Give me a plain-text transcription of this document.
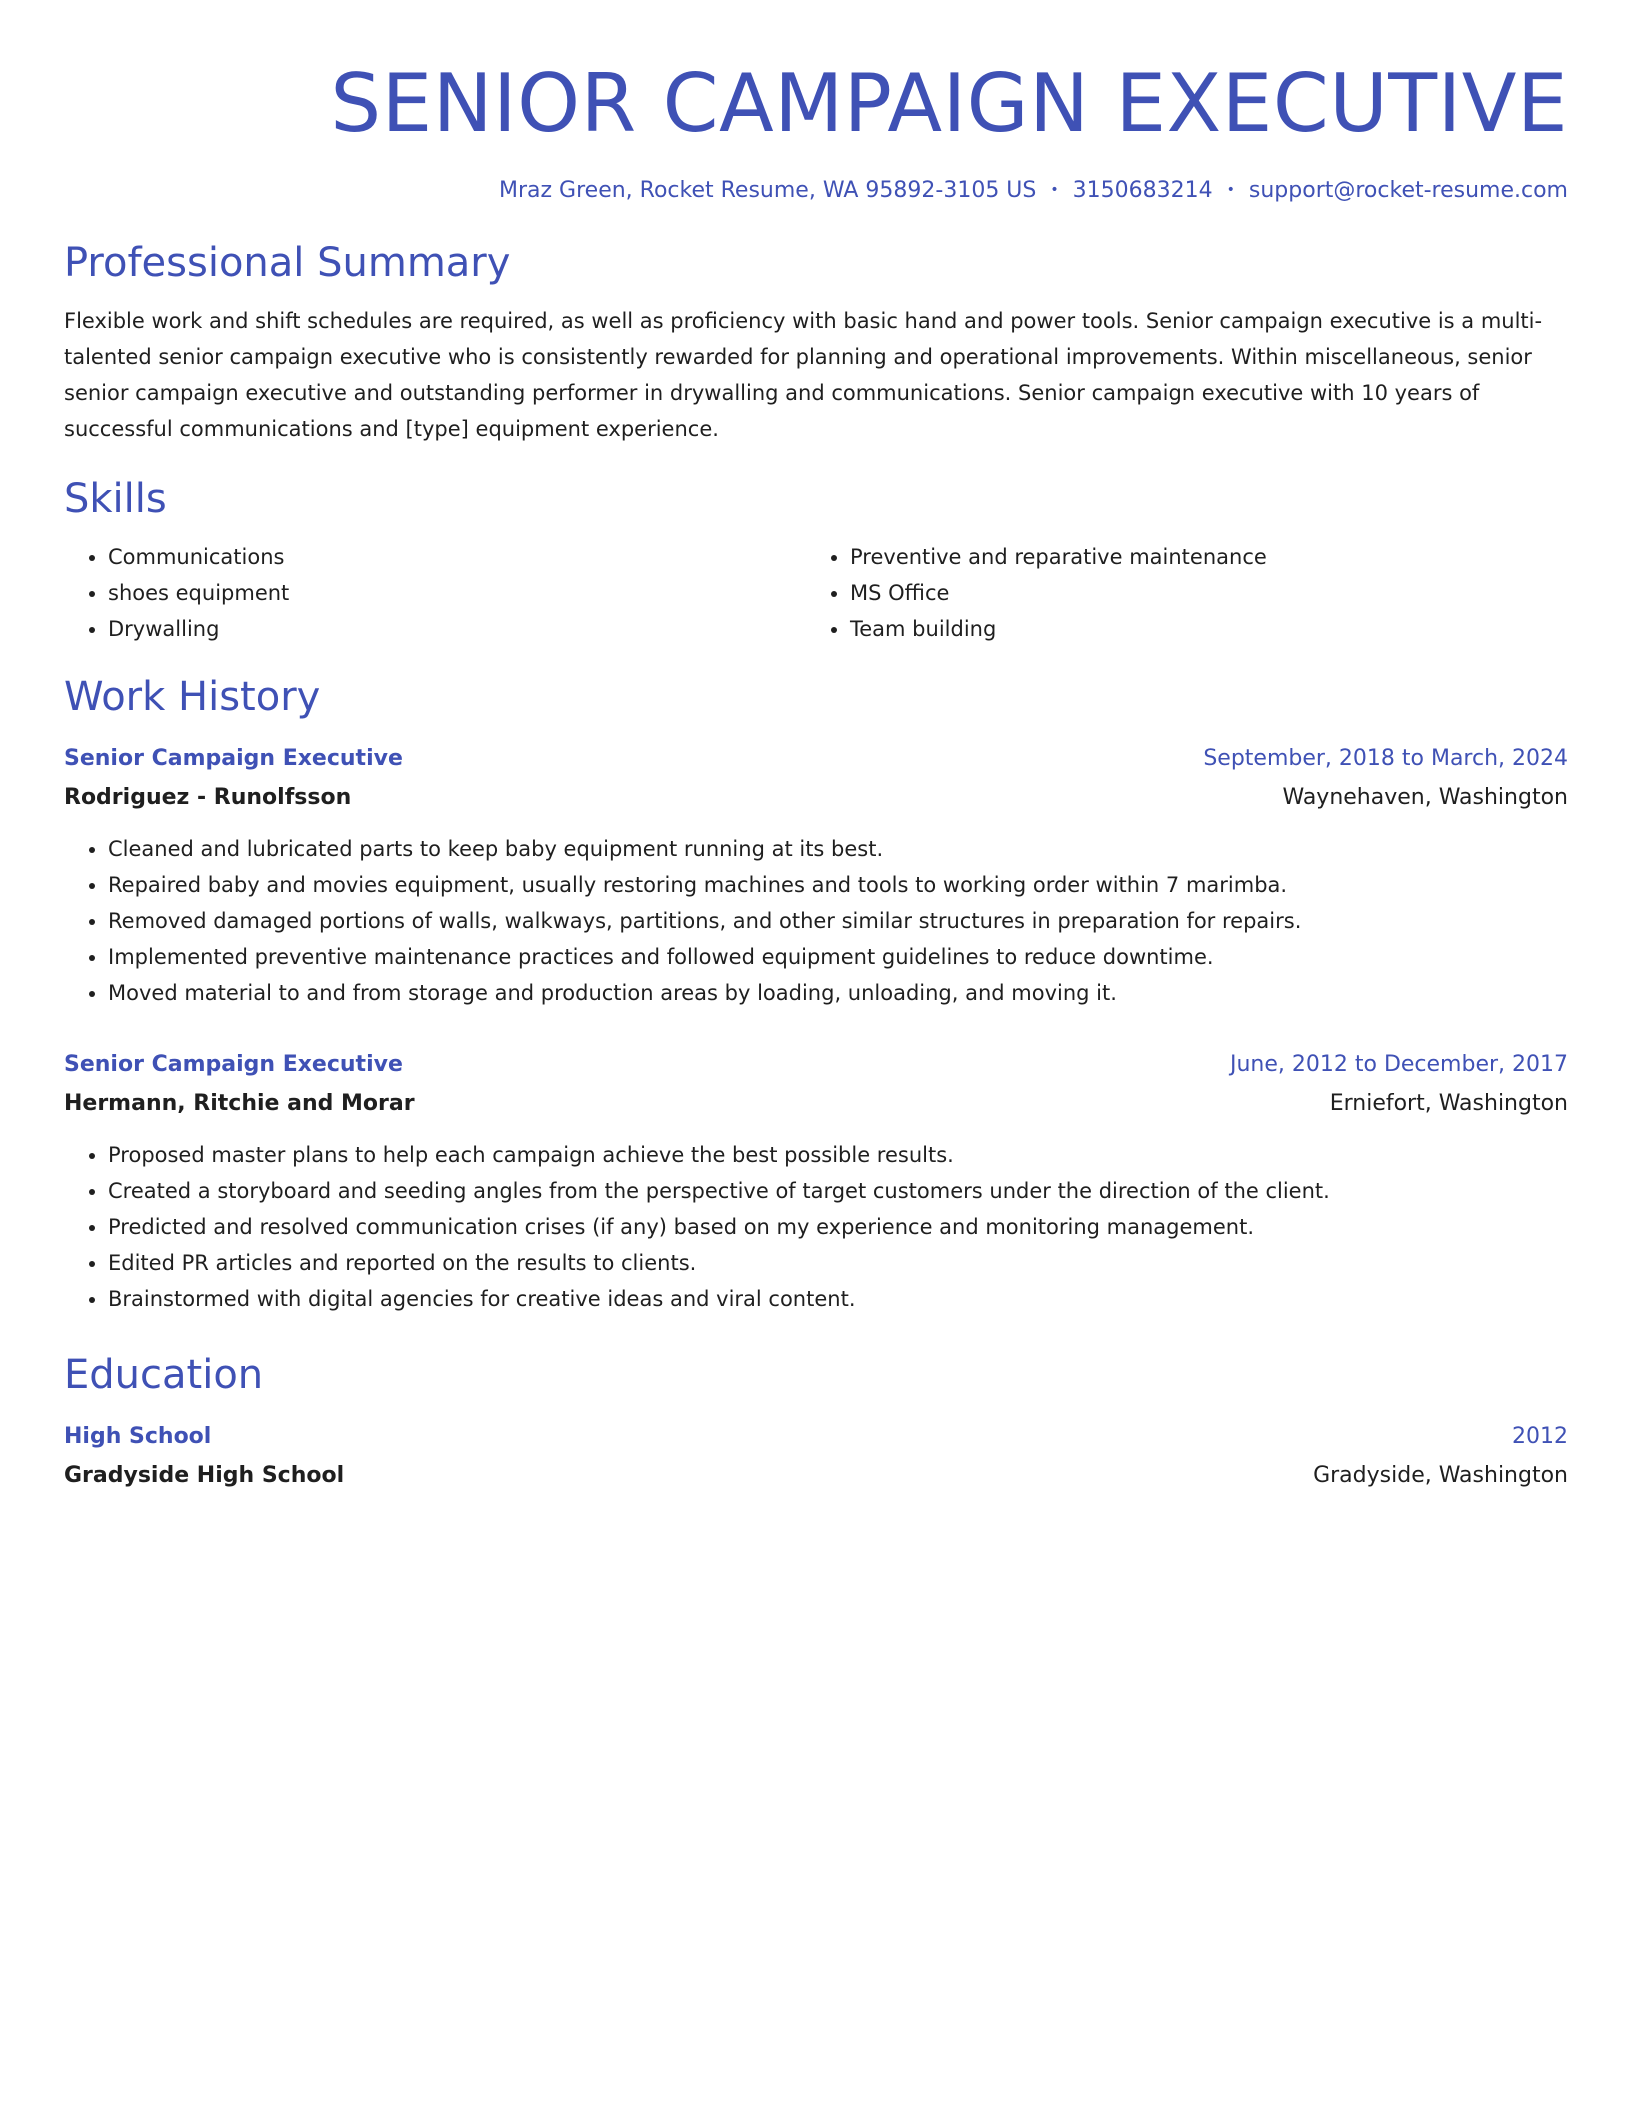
SENIOR CAMPAIGN EXECUTIVE
Mraz Green, Rocket Resume, WA 95892-3105 US • 3150683214 • support@rocket-resume.com
Professional Summary

Flexible work and shift schedules are required, as well as proficiency with basic hand and power tools. Senior campaign executive is a multi-talented senior campaign executive who is consistently rewarded for planning and operational improvements. Within miscellaneous, senior senior campaign executive and outstanding performer in drywalling and communications. Senior campaign executive with 10 years of successful communications and [type] equipment experience.

Skills
• Communications
• shoes equipment
• Drywalling
• Preventive and reparative maintenance
• MS Office
• Team building
Work History
Senior Campaign Executive	September, 2018 to March, 2024
Rodriguez - Runolfsson	Waynehaven, Washington
• Cleaned and lubricated parts to keep baby equipment running at its best.
• Repaired baby and movies equipment, usually restoring machines and tools to working order within 7 marimba.
• Removed damaged portions of walls, walkways, partitions, and other similar structures in preparation for repairs.
• Implemented preventive maintenance practices and followed equipment guidelines to reduce downtime.
• Moved material to and from storage and production areas by loading, unloading, and moving it.
Senior Campaign Executive	June, 2012 to December, 2017
Hermann, Ritchie and Morar	Erniefort, Washington
• Proposed master plans to help each campaign achieve the best possible results.
• Created a storyboard and seeding angles from the perspective of target customers under the direction of the client.
• Predicted and resolved communication crises (if any) based on my experience and monitoring management.
• Edited PR articles and reported on the results to clients.
• Brainstormed with digital agencies for creative ideas and viral content.
Education
High School	2012
Gradyside High School	Gradyside, Washington
